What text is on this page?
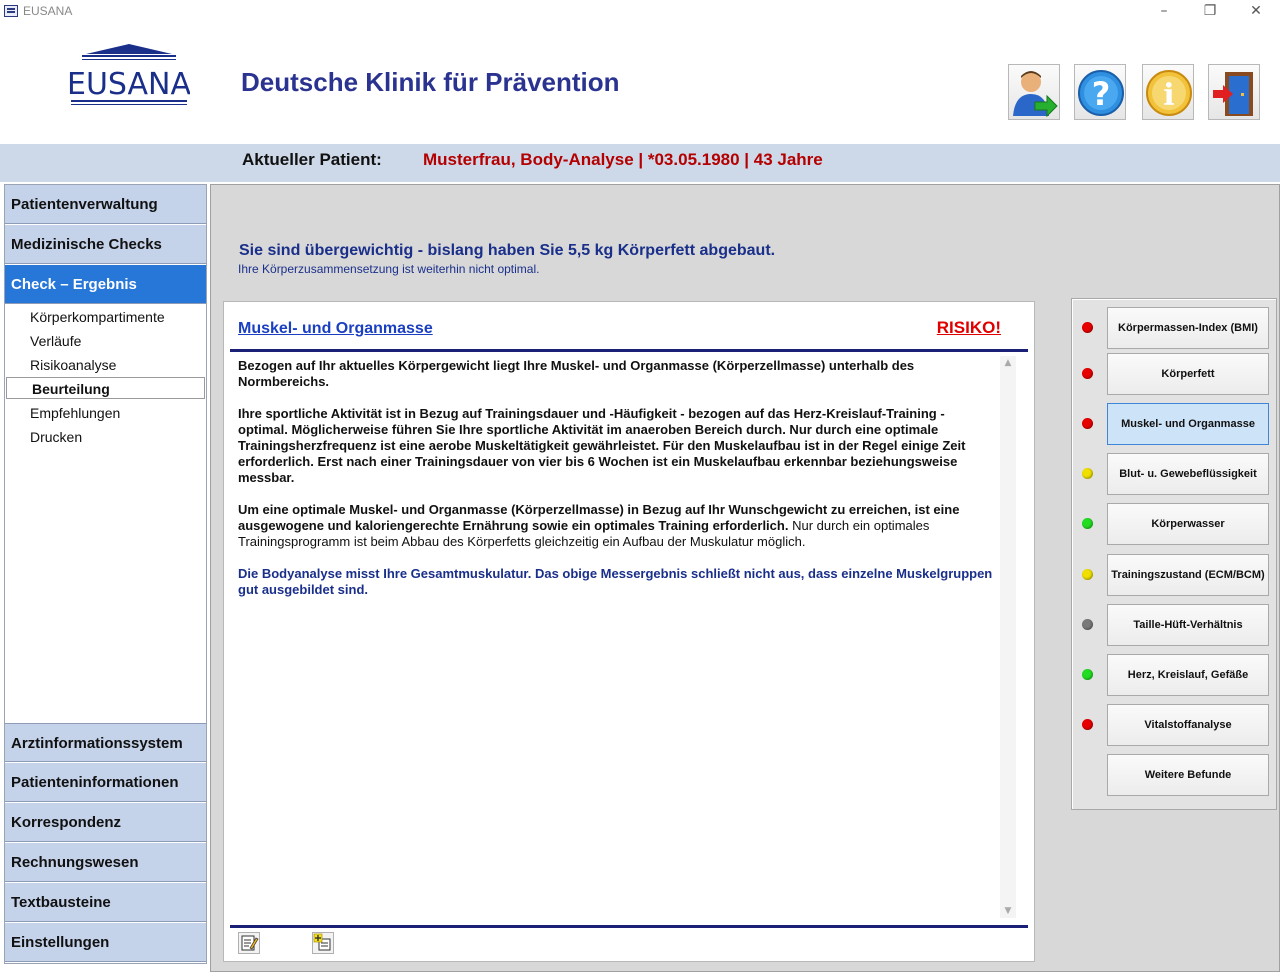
EUSANA	–	❐	✕
EUSANA Deutsche Klinik für Prävention	? i
Aktueller Patient: Musterfrau, Body-Analyse | *03.05.1980 | 43 Jahre
Patientenverwaltung
Medizinische Checks
Check – Ergebnis
Körperkompartimente
Verläufe
Risikoanalyse
Beurteilung
Empfehlungen
Drucken
Arztinformationssystem
Patienteninformationen
Korrespondenz
Rechnungswesen
Textbausteine
Einstellungen
Sie sind übergewichtig - bislang haben Sie 5,5 kg Körperfett abgebaut.
Ihre Körperzusammensetzung ist weiterhin nicht optimal.
Muskel- und Organmasse	RISIKO!

Bezogen auf Ihr aktuelles Körpergewicht liegt Ihre Muskel- und Organmasse (Körperzellmasse) unterhalb des Normbereichs.

Ihre sportliche Aktivität ist in Bezug auf Trainingsdauer und -Häufigkeit - bezogen auf das Herz-Kreislauf-Training - optimal. Möglicherweise führen Sie Ihre sportliche Aktivität im anaeroben Bereich durch. Nur durch eine optimale Trainingsherzfrequenz ist eine aerobe Muskeltätigkeit gewährleistet. Für den Muskelaufbau ist in der Regel einige Zeit erforderlich. Erst nach einer Trainingsdauer von vier bis 6 Wochen ist ein Muskelaufbau erkennbar beziehungsweise messbar.

Um eine optimale Muskel- und Organmasse (Körperzellmasse) in Bezug auf Ihr Wunschgewicht zu erreichen, ist eine ausgewogene und kaloriengerechte Ernährung sowie ein optimales Training erforderlich. Nur durch ein optimales Trainingsprogramm ist beim Abbau des Körperfetts gleichzeitig ein Aufbau der Muskulatur möglich.

Die Bodyanalyse misst Ihre Gesamtmuskulatur. Das obige Messergebnis schließt nicht aus, dass einzelne Muskelgruppen gut ausgebildet sind.

▲
▼
Körpermassen-Index (BMI)
Körperfett
Muskel- und Organmasse
Blut- u. Gewebeflüssigkeit
Körperwasser
Trainingszustand (ECM/BCM)
Taille-Hüft-Verhältnis
Herz, Kreislauf, Gefäße
Vitalstoffanalyse
Weitere Befunde
